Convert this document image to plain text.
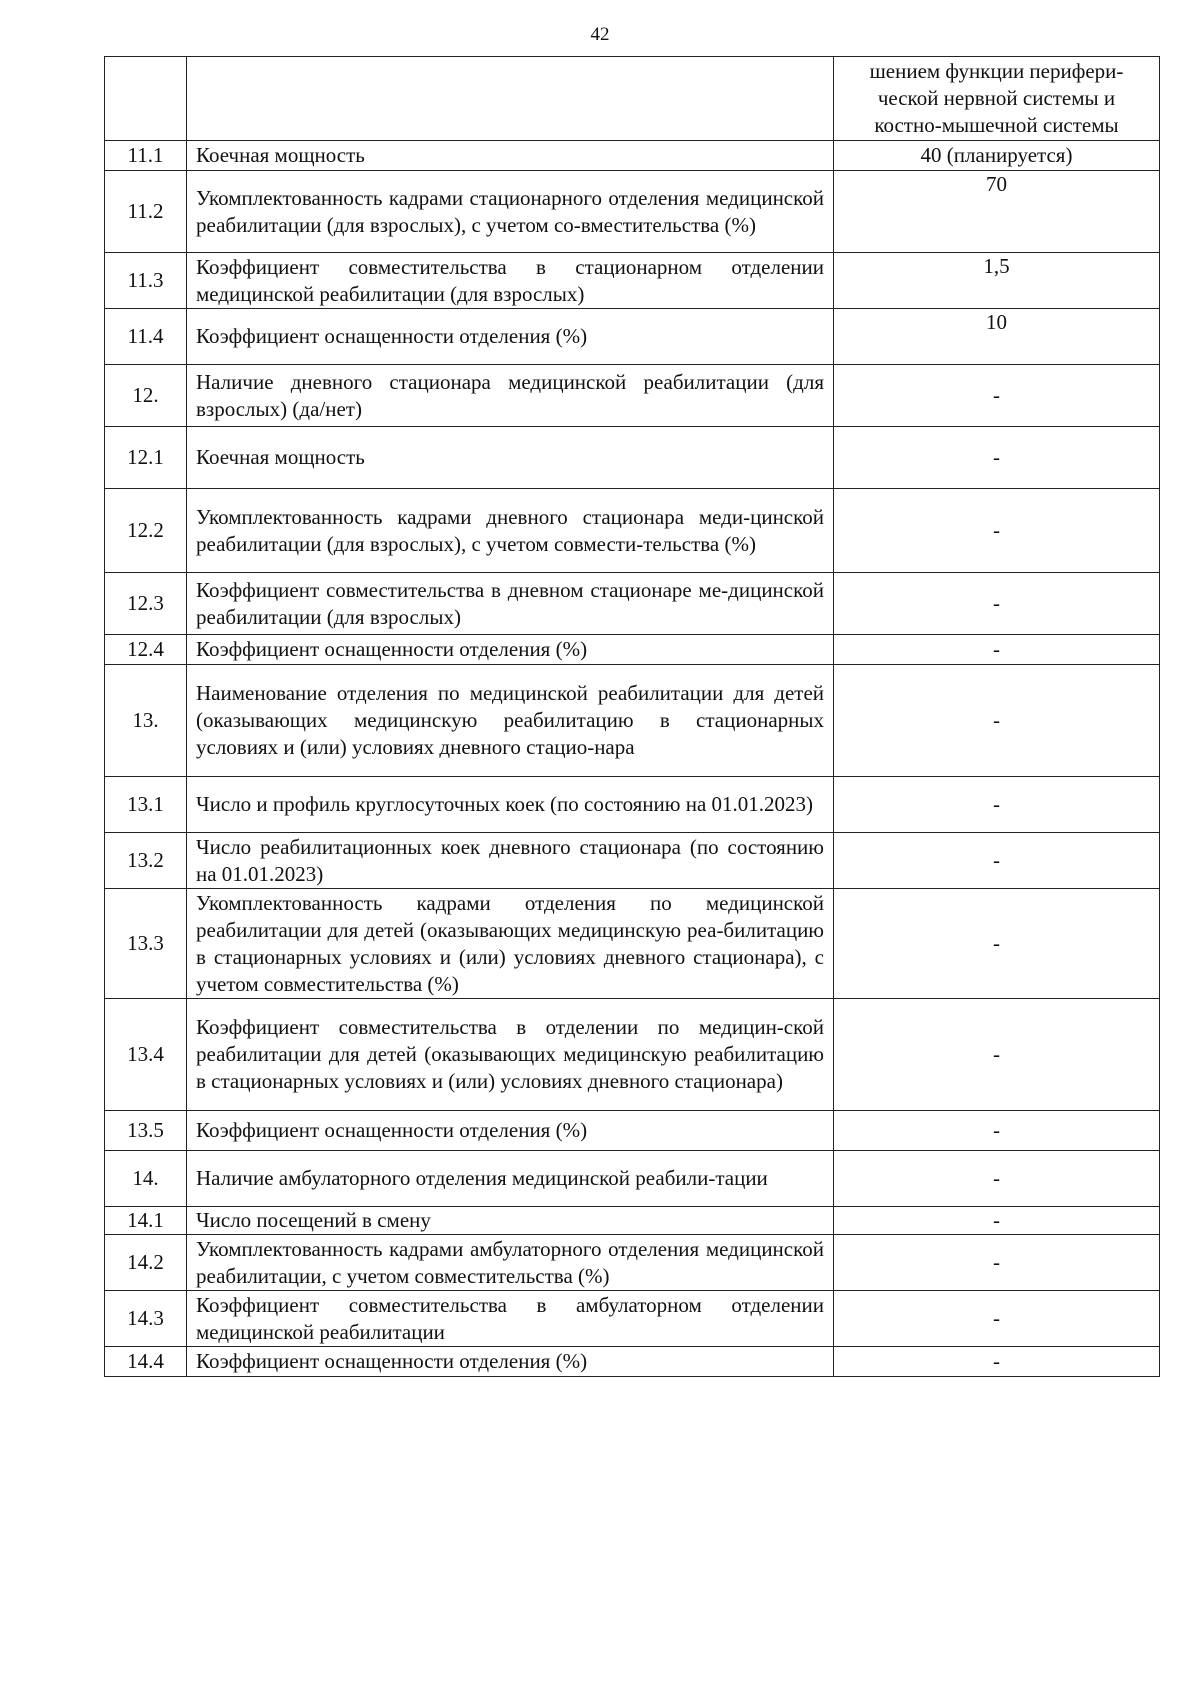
42
		шением функции перифери-ческой нервной системы и костно-мышечной системы
11.1	Коечная мощность	40 (планируется)
11.2	Укомплектованность кадрами стационарного отделения медицинской реабилитации (для взрослых), с учетом со-вместительства (%)	70
11.3	Коэффициент совместительства в стационарном отделении медицинской реабилитации (для взрослых)	1,5
11.4	Коэффициент оснащенности отделения (%)	10
12.	Наличие дневного стационара медицинской реабилитации (для взрослых) (да/нет)	-
12.1	Коечная мощность	-
12.2	Укомплектованность кадрами дневного стационара меди-цинской реабилитации (для взрослых), с учетом совмести-тельства (%)	-
12.3	Коэффициент совместительства в дневном стационаре ме-дицинской реабилитации (для взрослых)	-
12.4	Коэффициент оснащенности отделения (%)	-
13.	Наименование отделения по медицинской реабилитации для детей (оказывающих медицинскую реабилитацию в стационарных условиях и (или) условиях дневного стацио-нара	-
13.1	Число и профиль круглосуточных коек (по состоянию на 01.01.2023)	-
13.2	Число реабилитационных коек дневного стационара (по состоянию на 01.01.2023)	-
13.3	Укомплектованность кадрами отделения по медицинской реабилитации для детей (оказывающих медицинскую реа-билитацию в стационарных условиях и (или) условиях дневного стационара), с учетом совместительства (%)	-
13.4	Коэффициент совместительства в отделении по медицин-ской реабилитации для детей (оказывающих медицинскую реабилитацию в стационарных условиях и (или) условиях дневного стационара)	-
13.5	Коэффициент оснащенности отделения (%)	-
14.	Наличие амбулаторного отделения медицинской реабили-тации	-
14.1	Число посещений в смену	-
14.2	Укомплектованность кадрами амбулаторного отделения медицинской реабилитации, с учетом совместительства (%)	-
14.3	Коэффициент совместительства в амбулаторном отделении медицинской реабилитации	-
14.4	Коэффициент оснащенности отделения (%)	-
